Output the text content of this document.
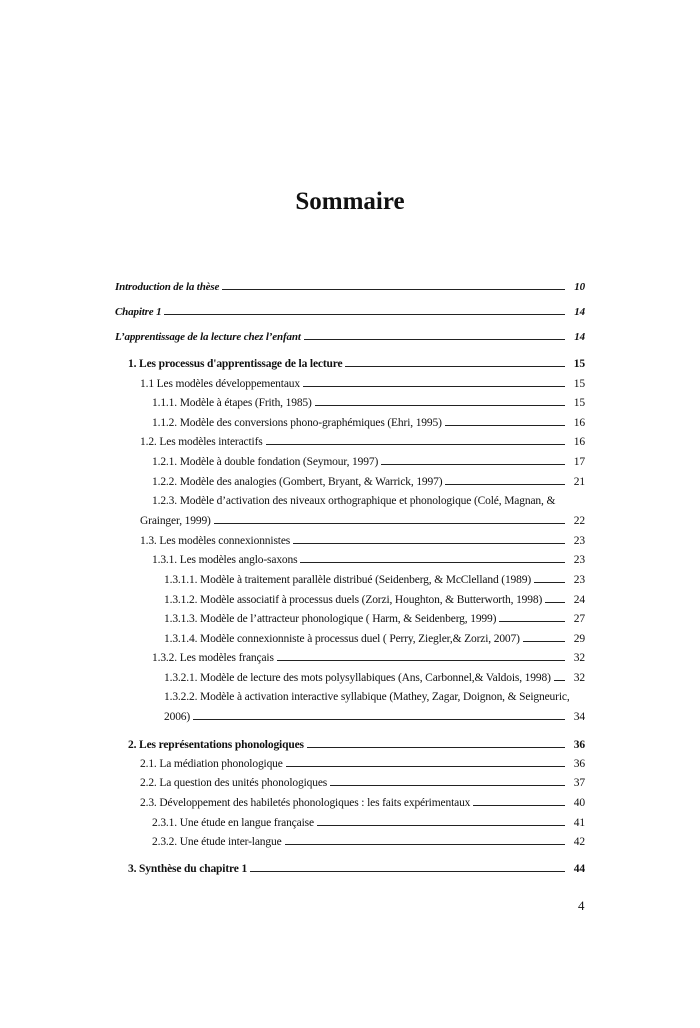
Sommaire
Introduction de la thèse	10
Chapitre 1	14
L’apprentissage de la lecture chez l’enfant	14
1. Les processus d'apprentissage de la lecture	15
1.1 Les modèles développementaux	15
1.1.1. Modèle à étapes (Frith, 1985)	15
1.1.2. Modèle des conversions phono-graphémiques (Ehri, 1995)	16
1.2. Les modèles interactifs	16
1.2.1. Modèle à double fondation (Seymour, 1997)	17
1.2.2. Modèle des analogies (Gombert, Bryant, & Warrick, 1997)	21
1.2.3. Modèle d’activation des niveaux orthographique et phonologique (Colé, Magnan, &
Grainger, 1999)	22
1.3. Les modèles connexionnistes	23
1.3.1. Les modèles anglo-saxons	23
1.3.1.1. Modèle à traitement parallèle distribué (Seidenberg, & McClelland (1989)	23
1.3.1.2. Modèle associatif à processus duels (Zorzi, Houghton, & Butterworth, 1998)	24
1.3.1.3. Modèle de l’attracteur phonologique ( Harm, & Seidenberg, 1999)	27
1.3.1.4. Modèle connexionniste à processus duel ( Perry, Ziegler,& Zorzi, 2007)	29
1.3.2. Les modèles français	32
1.3.2.1. Modèle de lecture des mots polysyllabiques (Ans, Carbonnel,& Valdois, 1998)	32
1.3.2.2. Modèle à activation interactive syllabique (Mathey, Zagar, Doignon, & Seigneuric,
2006)	34
2. Les représentations phonologiques	36
2.1. La médiation phonologique	36
2.2. La question des unités phonologiques	37
2.3. Développement des habiletés phonologiques : les faits expérimentaux	40
2.3.1. Une étude en langue française	41
2.3.2. Une étude inter-langue	42
3. Synthèse du chapitre 1	44
4
